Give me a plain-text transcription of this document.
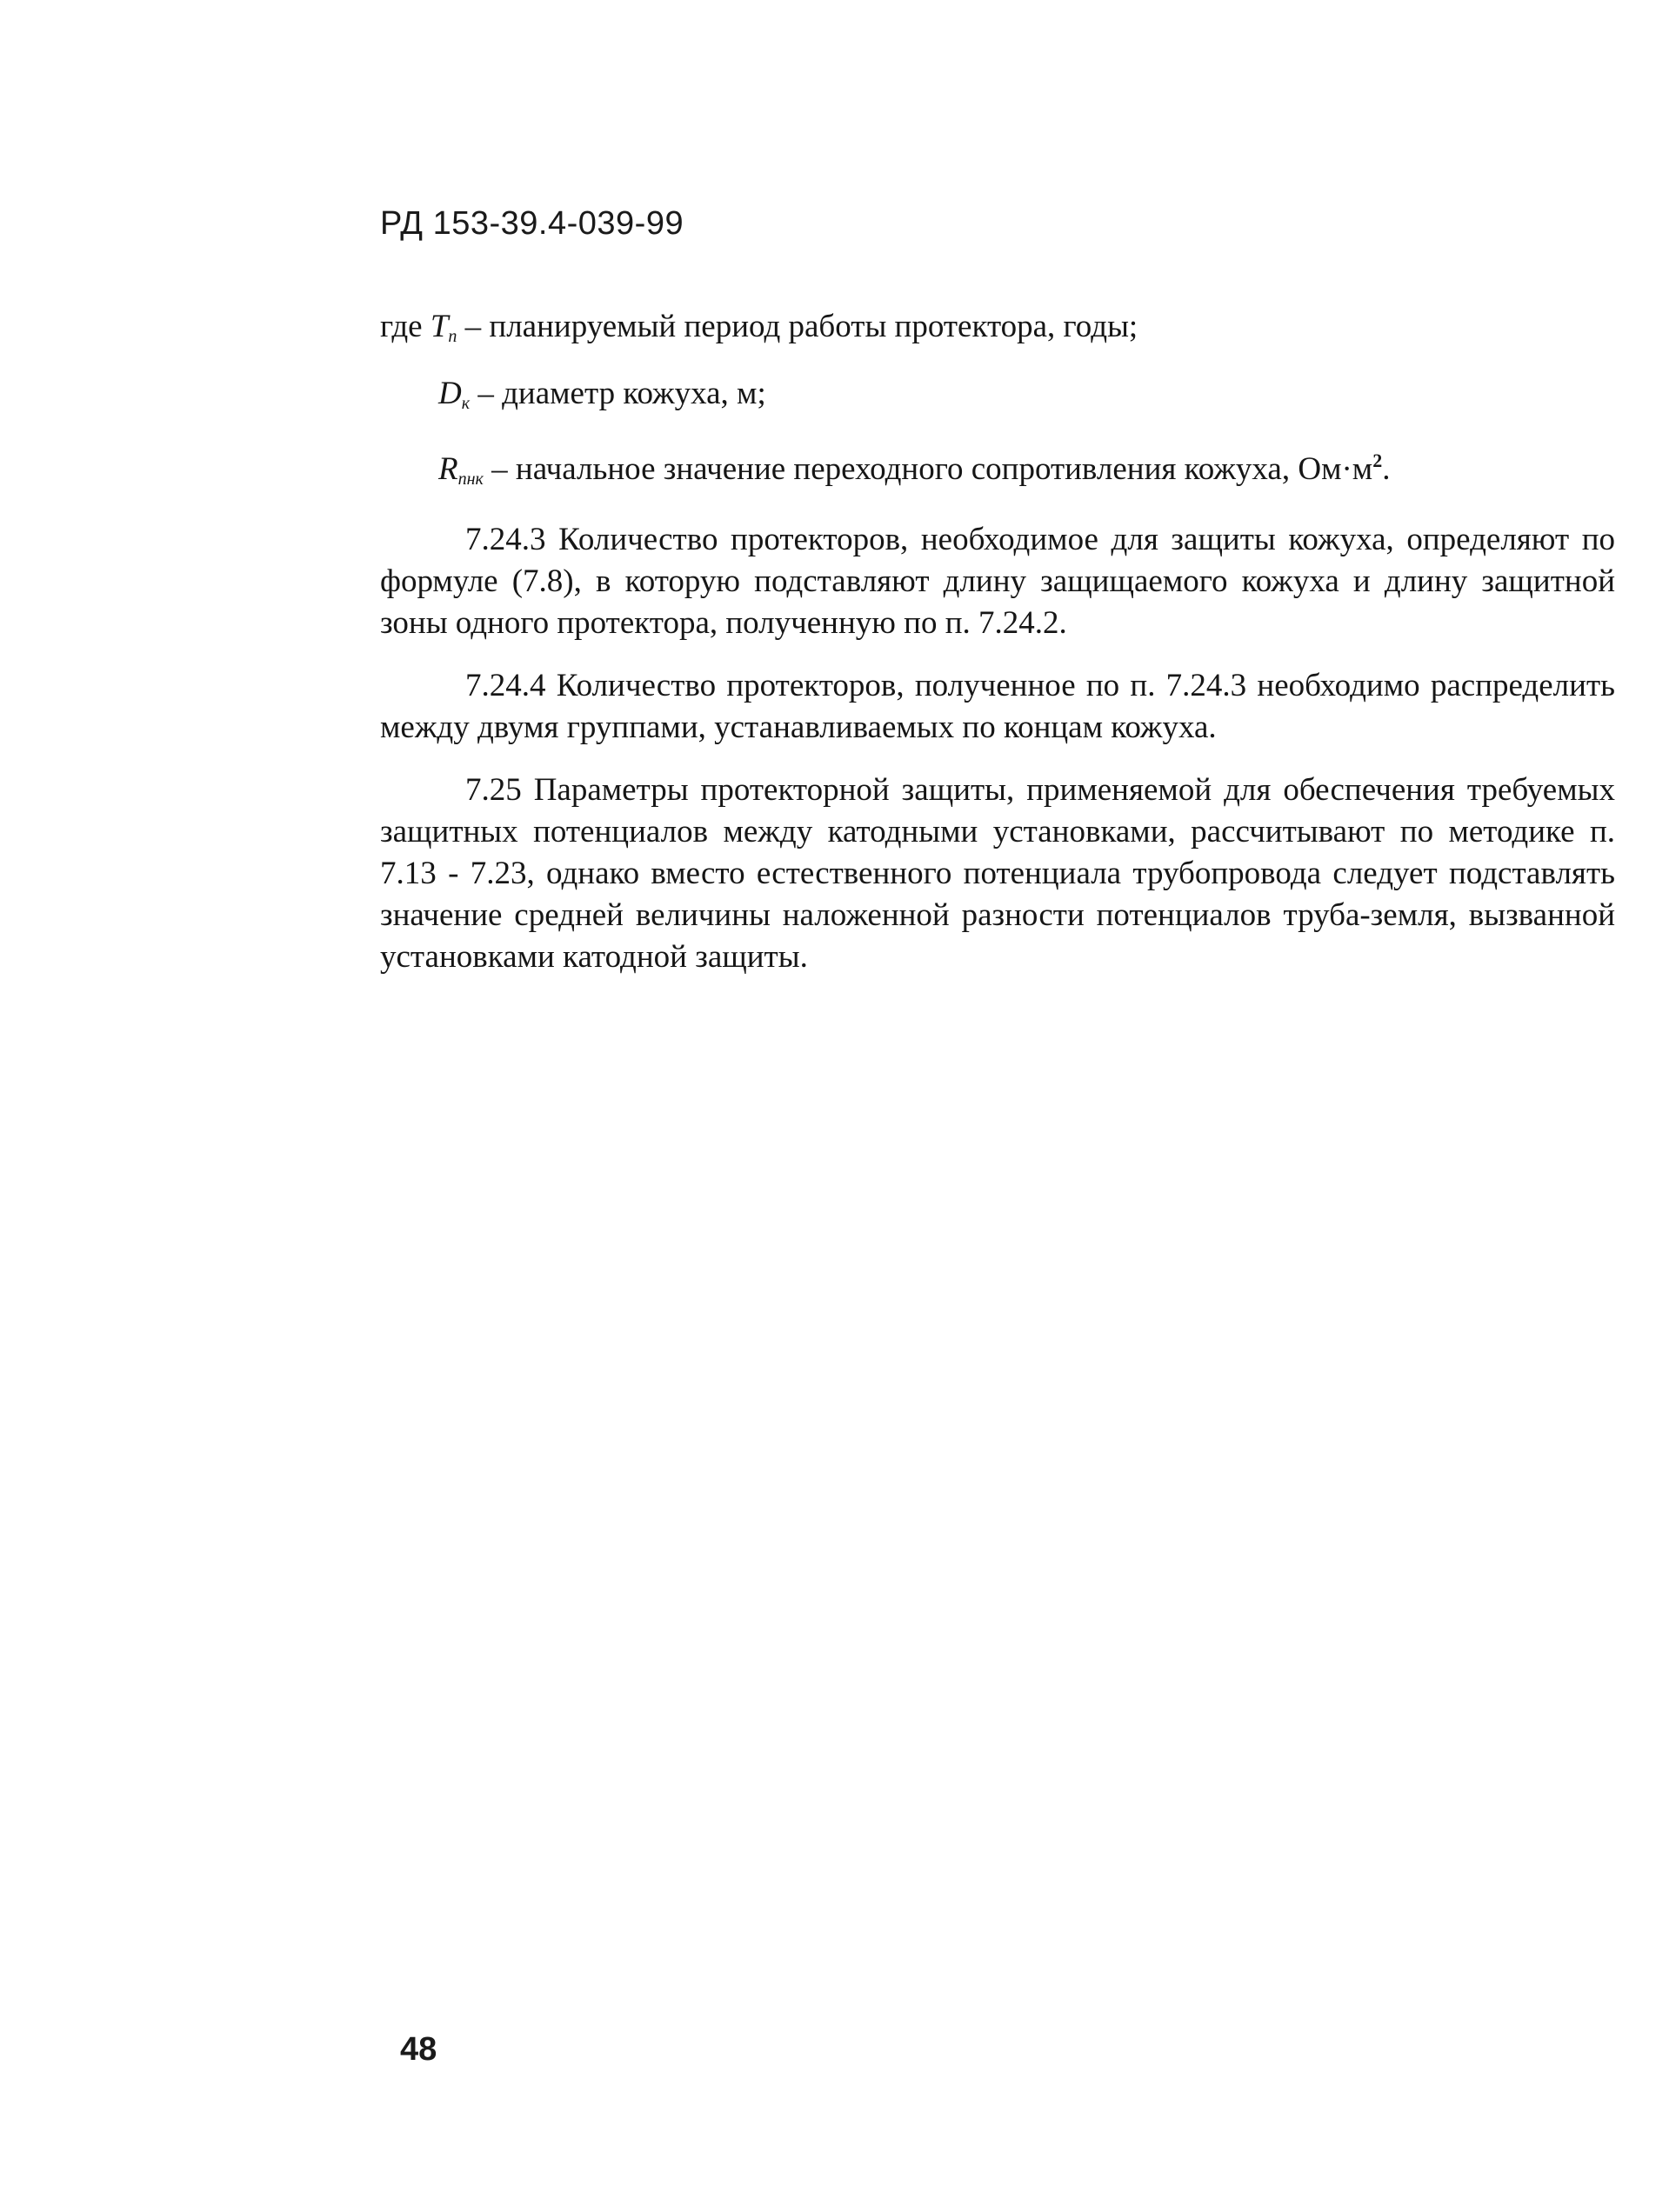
РД 153-39.4-039-99
где $T_п$ – планируемый период работы протектора, годы;
$D_к$ – диаметр кожуха, м;
$R_{пнк}$ – начальное значение переходного сопротивления кожуха, $Ом\cdot м^2$.

7.24.3 Количество протекторов, необходимое для защиты кожуха, определяют по формуле (7.8), в которую подставляют длину защищаемого кожуха и длину защитной зоны одного протектора, полученную по п. 7.24.2.

7.24.4 Количество протекторов, полученное по п. 7.24.3 необходимо распределить между двумя группами, устанавливаемых по концам кожуха.

7.25 Параметры протекторной защиты, применяемой для обеспечения требуемых защитных потенциалов между катодными установками, рассчитывают по методике п. 7.13 - 7.23, однако вместо естественного потенциала трубопровода следует подставлять значение средней величины наложенной разности потенциалов труба-земля, вызванной установками катодной защиты.

48
